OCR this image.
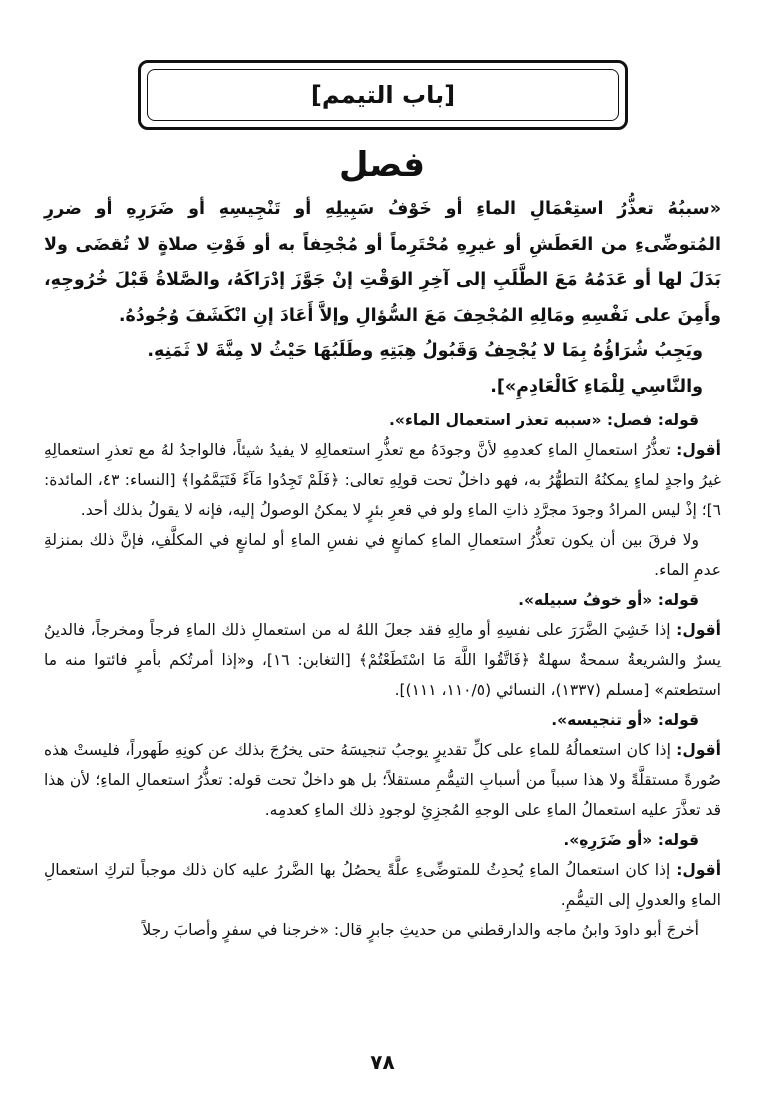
[باب التيمم]
فصل

«سببُهُ تعذُّرُ استِعْمَالِ الماءِ أو خَوْفُ سَبِيلِهِ أو تَنْجِيسِهِ أو ضَرَرِهِ أو ضررِ المُتوضِّىءِ من العَطَشِ أو غيرِهِ مُحْتَرِماً أو مُجْحِفاً به أو فَوْتِ صلاةٍ لا تُقضَى ولا بَدَلَ لها أو عَدَمُهُ مَعَ الطَّلَبِ إلى آخِرِ الوَقْتِ إنْ جَوَّزَ إدْرَاكَهُ، والصَّلاةُ قَبْلَ خُرُوجِهِ، وأَمِنَ على نَفْسِهِ ومَالِهِ المُجْحِفَ مَعَ السُّؤالِ وإلاَّ أَعَادَ إنِ انْكَشَفَ وُجُودُهُ.

ويَجِبُ شُرَاؤُهُ بِمَا لا يُجْحِفُ وَقَبُولُ هِبَتِهِ وطَلَبُهَا حَيْثُ لا مِنَّةَ لا ثَمَنِهِ.

والنَّاسِي لِلْمَاءِ كَالْعَادِمِ»].

قوله: فصل: «سببه تعذر استعمال الماء».

أقول: تعذُّرُ استعمالِ الماءِ كعدمِهِ لأنَّ وجودَهُ مع تعذُّرِ استعمالِهِ لا يفيدُ شيئاً، فالواجدُ لهُ مع تعذرِ استعمالِهِ غيرُ واجدٍ لماءٍ يمكنُهُ التطهُّرُ به، فهو داخلٌ تحت قولِهِ تعالى: ﴿فَلَمْ تَجِدُوا مَآءً فَتَيَمَّمُوا﴾ [النساء: ٤٣، المائدة: ٦]؛ إذْ ليس المرادُ وجودَ مجرَّدِ ذاتِ الماءِ ولو في قعرِ بئرٍ لا يمكنُ الوصولُ إليه، فإنه لا يقولُ بذلك أحد.

ولا فرقَ بين أن يكون تعذُّرُ استعمالِ الماءِ كمانعٍ في نفسِ الماءِ أو لمانعٍ في المكلَّفِ، فإنَّ ذلك بمنزلةِ عدمِ الماء.

قوله: «أو خوفُ سبيله».

أقول: إذا خَشِيَ الضَّرَرَ على نفسِهِ أو مالِهِ فقد جعلَ اللهُ له من استعمالِ ذلك الماءِ فرجاً ومخرجاً، فالدينُ يسرٌ والشريعةُ سمحةٌ سهلةٌ ﴿فَاتَّقُوا اللَّهَ مَا اسْتَطَعْتُمْ﴾ [التغابن: ١٦]، و«إذا أمرتُكم بأمرٍ فائتوا منه ما استطعتم» [مسلم (١٣٣٧)، النسائي (١١٠/٥، ١١١)].

قوله: «أو تنجيسه».

أقول: إذا كان استعمالُهُ للماءِ على كلِّ تقديرٍ يوجبُ تنجيسَهُ حتى يخرُجَ بذلك عن كونِهِ طَهوراً، فليستْ هذه صُورةً مستقلَّةً ولا هذا سبباً من أسبابِ التيمُّمِ مستقلاً؛ بل هو داخلٌ تحت قوله: تعذُّرُ استعمالِ الماءِ؛ لأن هذا قد تعذَّرَ عليه استعمالُ الماءِ على الوجهِ المُجزِئِ لوجودِ ذلك الماءِ كعدمِه.

قوله: «أو ضَرَرِهِ».

أقول: إذا كان استعمالُ الماءِ يُحدِثُ للمتوضِّىءِ علَّةً يحصُلُ بها الضَّررُ عليه كان ذلك موجباً لتركِ استعمالِ الماءِ والعدولِ إلى التيمُّمِ.

أخرجَ أبو داودَ وابنُ ماجه والدارقطني من حديثِ جابرٍ قال: «خرجنا في سفرٍ وأصابَ رجلاً

٧٨
